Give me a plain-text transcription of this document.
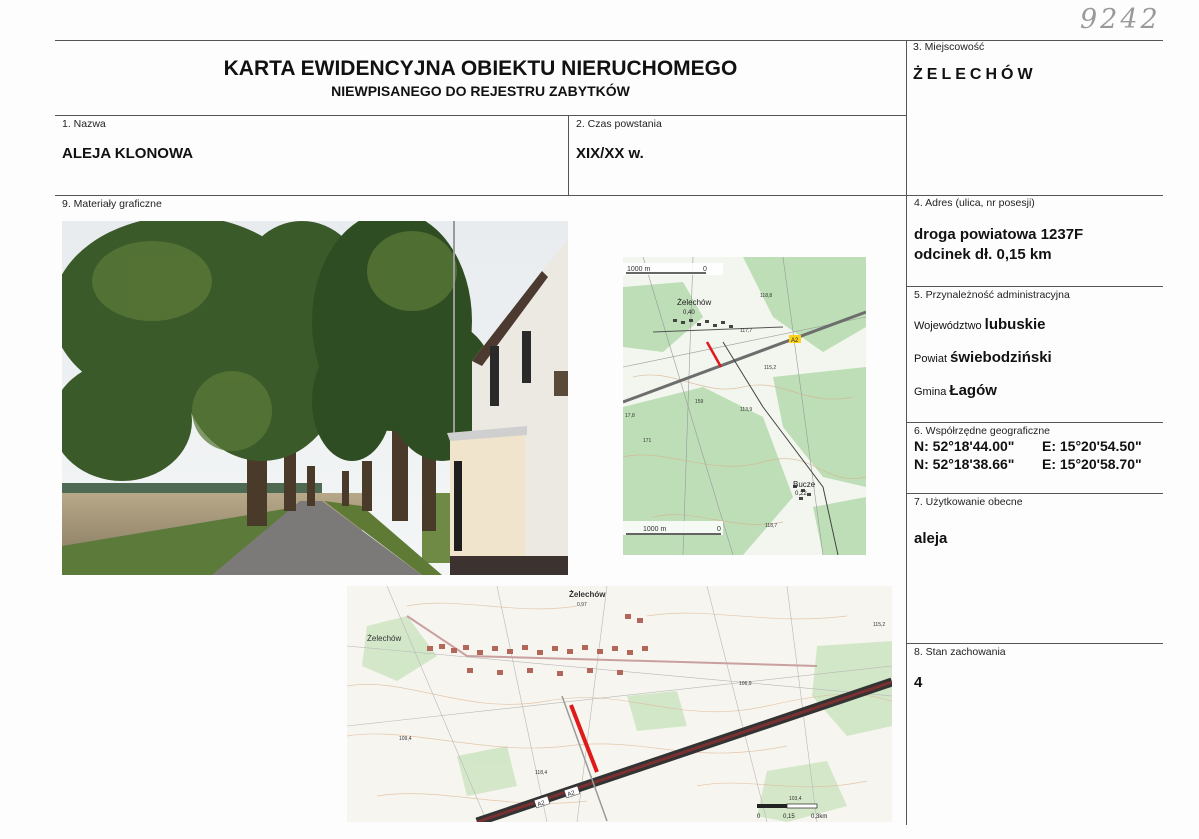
9242
KARTA EWIDENCYJNA OBIEKTU NIERUCHOMEGO
NIEWPISANEGO DO REJESTRU ZABYTKÓW
3. Miejscowość
ŻELECHÓW
1. Nazwa
ALEJA KLONOWA
2. Czas powstania
XIX/XX w.
9. Materiały graficzne	4. Adres (ulica, nr posesji)
droga powiatowa 1237F
odcinek dł. 0,15 km
5. Przynależność administracyjna
Województwo lubuskie
Powiat świebodziński
Gmina Łagów
6. Współrzędne geograficzne
N: 52°18'44.00" E: 15°20'54.50"
N: 52°18'38.66" E: 15°20'58.70"
7. Użytkowanie obecne
aleja
8. Stan zachowania
4
1000 m	0
Żelechów
0,40
Bucze
0,22
A2
118,8
117,7
115,2
113,9
118,7
159
171
17,8
1000 m	0
Żelechów
0,97
Żelechów
A2
A2
106,9
118,4
115,2
109,4
103,4
0	0,15	0,3km
